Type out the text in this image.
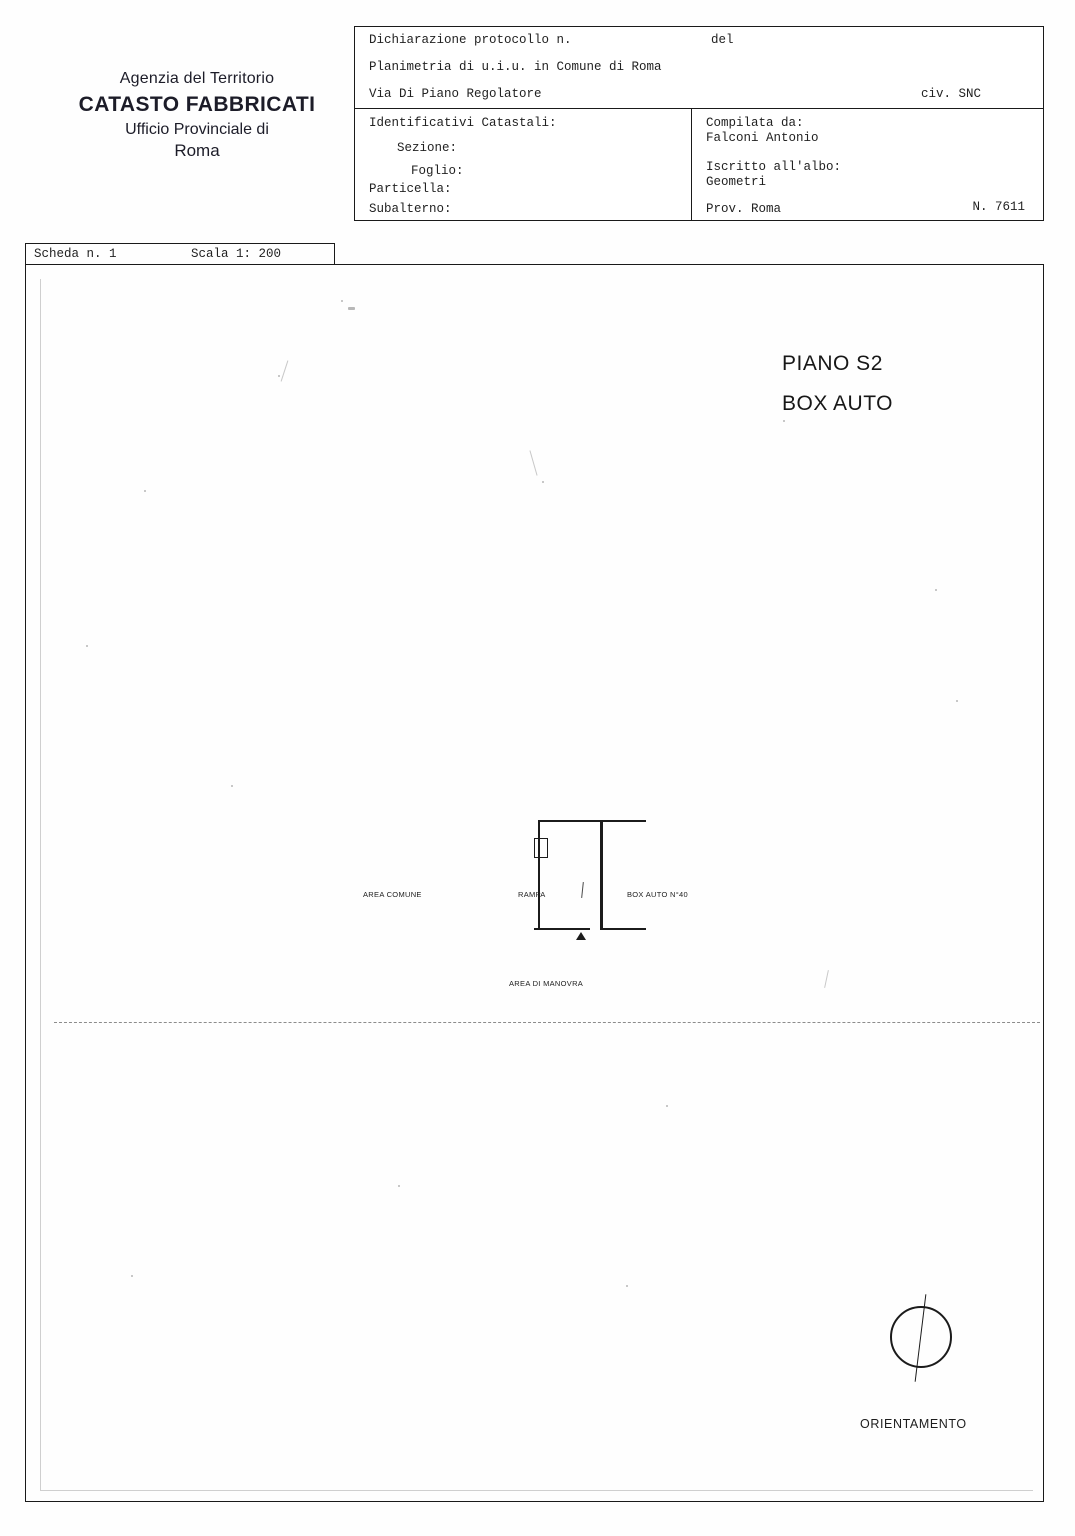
Agenzia del Territorio
CATASTO FABBRICATI
Ufficio Provinciale di
Roma
Dichiarazione protocollo n.	del
Planimetria di u.i.u. in Comune di Roma
Via Di Piano Regolatore	civ. SNC
Identificativi Catastali:
Sezione:
Foglio:
Particella:
Subalterno:
Compilata da:
Falconi Antonio
Iscritto all'albo:
Geometri
Prov. Roma	N. 7611
Scheda n. 1	Scala 1: 200
PIANO S2
BOX AUTO
AREA COMUNE	RAMPA	BOX AUTO N°40
AREA DI MANOVRA
ORIENTAMENTO
